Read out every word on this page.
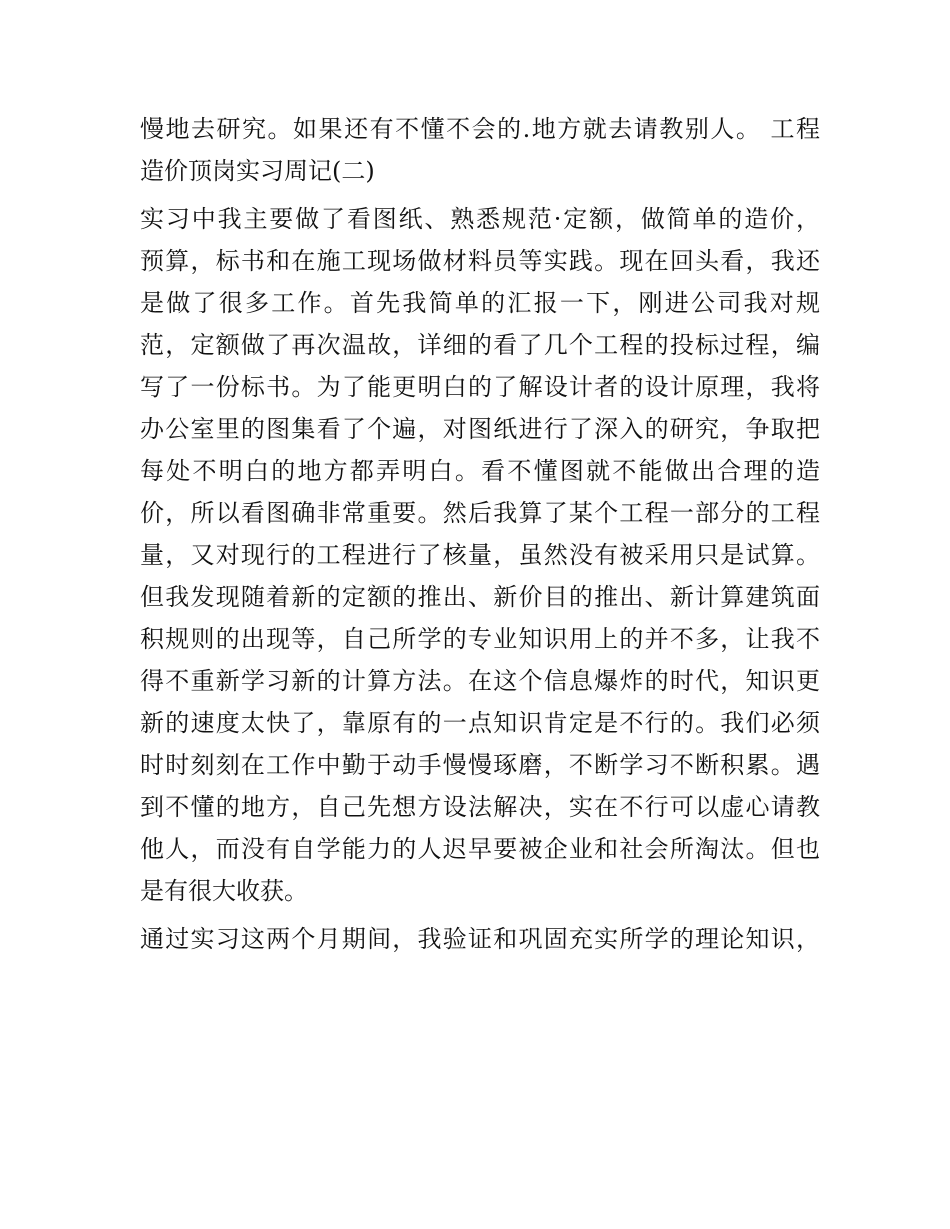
慢地去研究。如果还有不懂不会的.地方就去请教别人。 工程
造价顶岗实习周记(二)
实习中我主要做了看图纸、熟悉规范·定额，做简单的造价，
预算，标书和在施工现场做材料员等实践。现在回头看，我还
是做了很多工作。首先我简单的汇报一下，刚进公司我对规
范，定额做了再次温故，详细的看了几个工程的投标过程，编
写了一份标书。为了能更明白的了解设计者的设计原理，我将
办公室里的图集看了个遍，对图纸进行了深入的研究，争取把
每处不明白的地方都弄明白。看不懂图就不能做出合理的造
价，所以看图确非常重要。然后我算了某个工程一部分的工程
量，又对现行的工程进行了核量，虽然没有被采用只是试算。
但我发现随着新的定额的推出、新价目的推出、新计算建筑面
积规则的出现等，自己所学的专业知识用上的并不多，让我不
得不重新学习新的计算方法。在这个信息爆炸的时代，知识更
新的速度太快了，靠原有的一点知识肯定是不行的。我们必须
时时刻刻在工作中勤于动手慢慢琢磨，不断学习不断积累。遇
到不懂的地方，自己先想方设法解决，实在不行可以虚心请教
他人，而没有自学能力的人迟早要被企业和社会所淘汰。但也
是有很大收获。
通过实习这两个月期间，我验证和巩固充实所学的理论知识，
